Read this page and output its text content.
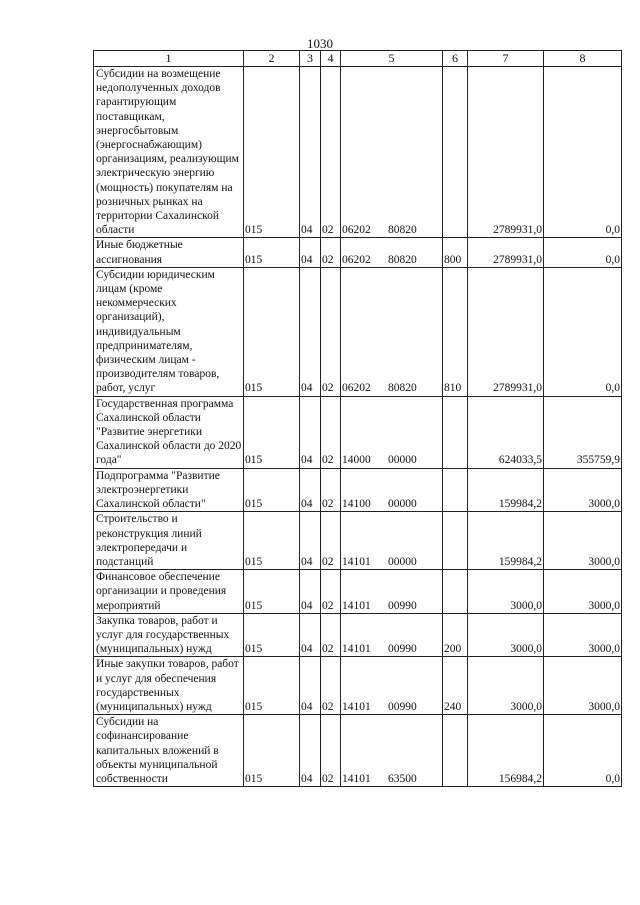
1030
1	2	3	4	5	6	7	8
Субсидии на возмещение недополученных доходов гарантирующим поставщикам, энергосбытовым (энергоснабжающим) организациям, реализующим электрическую энергию (мощность) покупателям на розничных рынках на территории Сахалинской области	015	04	02	06202 80820		2789931,0	0,0
Иные бюджетные ассигнования	015	04	02	06202 80820	800	2789931,0	0,0
Субсидии юридическим лицам (кроме некоммерческих организаций), индивидуальным предпринимателям, физическим лицам - производителям товаров, работ, услуг	015	04	02	06202 80820	810	2789931,0	0,0
Государственная программа Сахалинской области "Развитие энергетики Сахалинской области до 2020 года"	015	04	02	14000 00000		624033,5	355759,9
Подпрограмма "Развитие электроэнергетики Сахалинской области"	015	04	02	14100 00000		159984,2	3000,0
Строительство и реконструкция линий электропередачи и подстанций	015	04	02	14101 00000		159984,2	3000,0
Финансовое обеспечение организации и проведения мероприятий	015	04	02	14101 00990		3000,0	3000,0
Закупка товаров, работ и услуг для государственных (муниципальных) нужд	015	04	02	14101 00990	200	3000,0	3000,0
Иные закупки товаров, работ и услуг для обеспечения государственных (муниципальных) нужд	015	04	02	14101 00990	240	3000,0	3000,0
Субсидии на софинансирование капитальных вложений в объекты муниципальной собственности	015	04	02	14101 63500		156984,2	0,0
